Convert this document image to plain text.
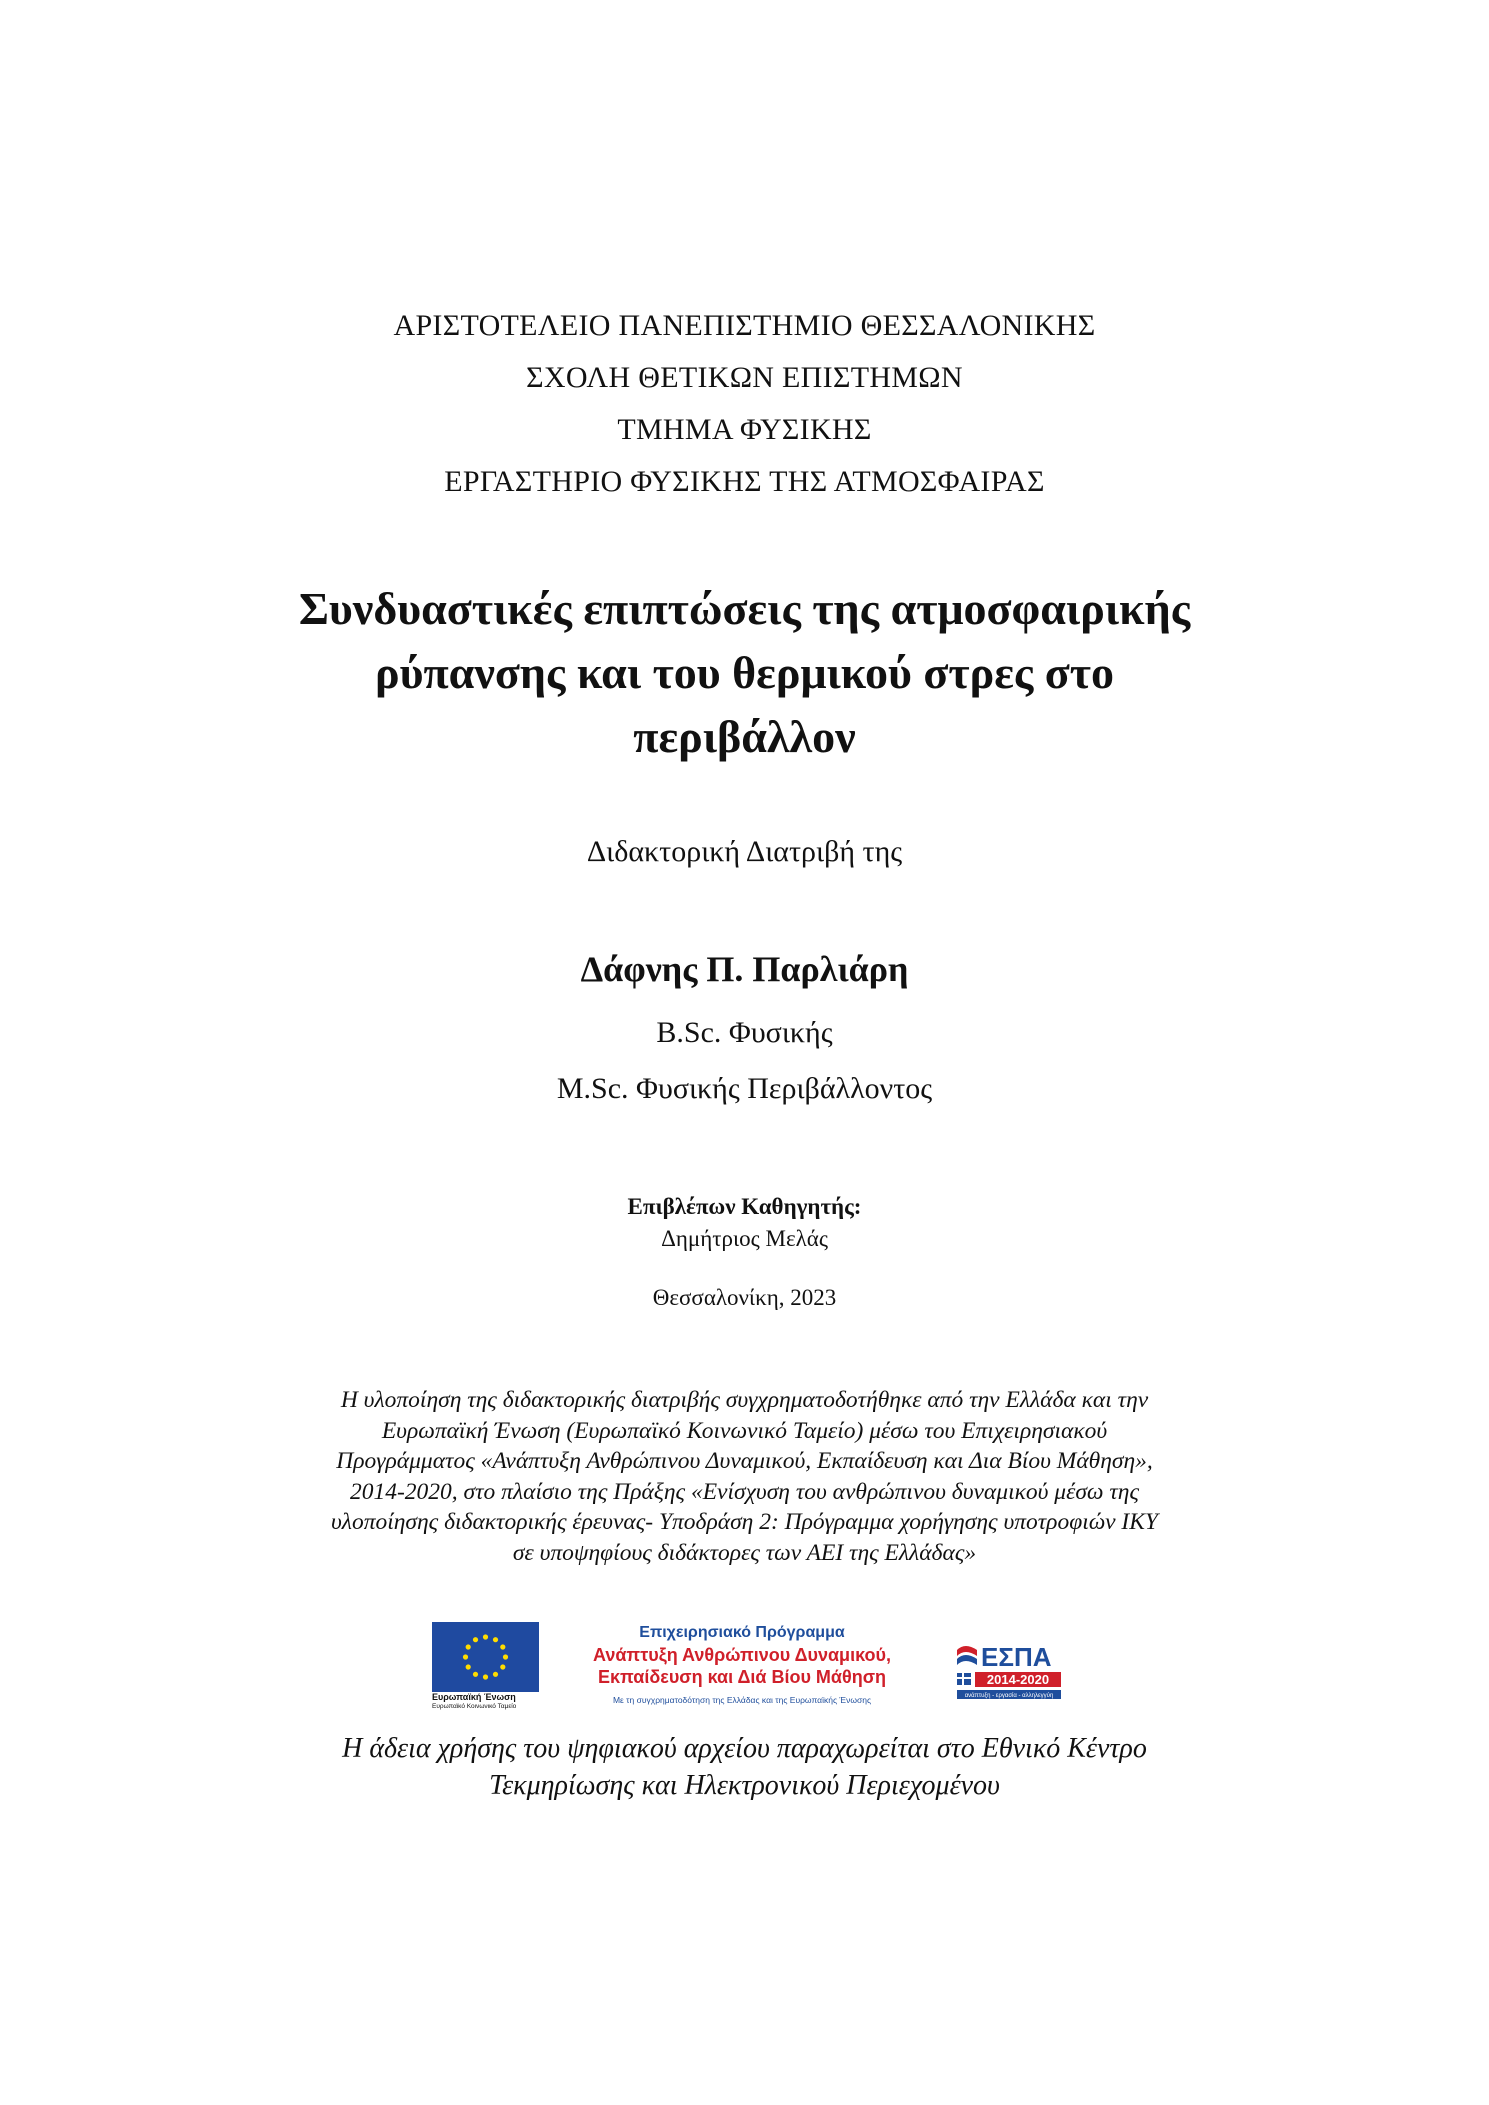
ΑΡΙΣΤΟΤΕΛΕΙΟ ΠΑΝΕΠΙΣΤΗΜΙΟ ΘΕΣΣΑΛΟΝΙΚΗΣ
ΣΧΟΛΗ ΘΕΤΙΚΩΝ ΕΠΙΣΤΗΜΩΝ
ΤΜΗΜΑ ΦΥΣΙΚΗΣ
ΕΡΓΑΣΤΗΡΙΟ ΦΥΣΙΚΗΣ ΤΗΣ ΑΤΜΟΣΦΑΙΡΑΣ
Συνδυαστικές επιπτώσεις της ατμοσφαιρικής
ρύπανσης και του θερμικού στρες στο
περιβάλλον
Διδακτορική Διατριβή της
Δάφνης Π. Παρλιάρη
B.Sc. Φυσικής
M.Sc. Φυσικής Περιβάλλοντος
Επιβλέπων Καθηγητής:
Δημήτριος Μελάς
Θεσσαλονίκη, 2023
Η υλοποίηση της διδακτορικής διατριβής συγχρηματοδοτήθηκε από την Ελλάδα και την
Ευρωπαϊκή Ένωση (Ευρωπαϊκό Κοινωνικό Ταμείο) μέσω του Επιχειρησιακού
Προγράμματος «Ανάπτυξη Ανθρώπινου Δυναμικού, Εκπαίδευση και Δια Βίου Μάθηση»,
2014-2020, στο πλαίσιο της Πράξης «Ενίσχυση του ανθρώπινου δυναμικού μέσω της
υλοποίησης διδακτορικής έρευνας- Υποδράση 2: Πρόγραμμα χορήγησης υποτροφιών ΙΚΥ
σε υποψηφίους διδάκτορες των ΑΕΙ της Ελλάδας»
Ευρωπαϊκή Ένωση
Ευρωπαϊκό Κοινωνικό Ταμείο
Επιχειρησιακό Πρόγραμμα
Ανάπτυξη Ανθρώπινου Δυναμικού,
Εκπαίδευση και Διά Βίου Μάθηση
Με τη συγχρηματοδότηση της Ελλάδας και της Ευρωπαϊκής Ένωσης
ΕΣΠΑ
2014-2020
ανάπτυξη - εργασία - αλληλεγγύη
Η άδεια χρήσης του ψηφιακού αρχείου παραχωρείται στο Εθνικό Κέντρο
Τεκμηρίωσης και Ηλεκτρονικού Περιεχομένου
